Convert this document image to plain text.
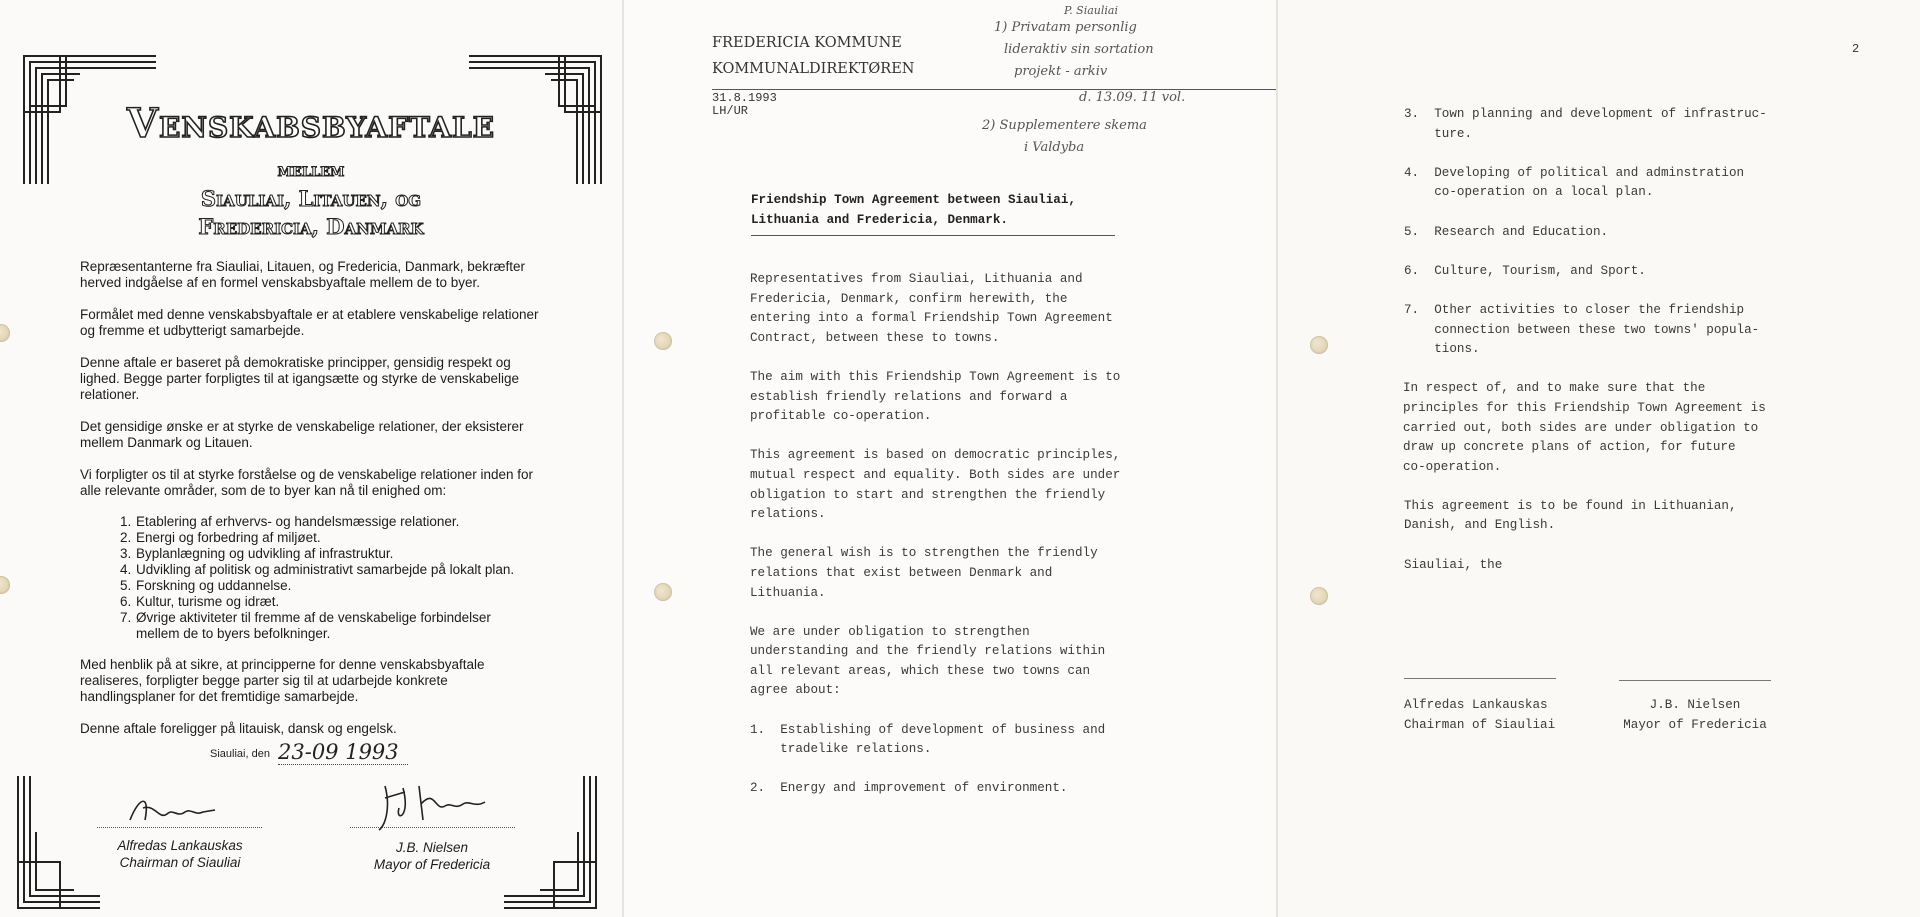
Venskabsbyaftale
mellem
Siauliai, Litauen, og
Fredericia, Danmark
Repræsentanterne fra Siauliai, Litauen, og Fredericia, Danmark, bekræfter herved indgåelse af en formel venskabsbyaftale mellem de to byer.
Formålet med denne venskabsbyaftale er at etablere venskabelige relationer og fremme et udbytterigt samarbejde.
Denne aftale er baseret på demokratiske principper, gensidig respekt og lighed. Begge parter forpligtes til at igangsætte og styrke de venskabelige relationer.
Det gensidige ønske er at styrke de venskabelige relationer, der eksisterer mellem Danmark og Litauen.
Vi forpligter os til at styrke forståelse og de venskabelige relationer inden for alle relevante områder, som de to byer kan nå til enighed om:
1. Etablering af erhvervs- og handelsmæssige relationer.
2. Energi og forbedring af miljøet.
3. Byplanlægning og udvikling af infrastruktur.
4. Udvikling af politisk og administrativt samarbejde på lokalt plan.
5. Forskning og uddannelse.
6. Kultur, turisme og idræt.
7. Øvrige aktiviteter til fremme af de venskabelige forbindelser
mellem de to byers befolkninger.
Med henblik på at sikre, at principperne for denne venskabsbyaftale realiseres, forpligter begge parter sig til at udarbejde konkrete handlingsplaner for det fremtidige samarbejde.
Denne aftale foreligger på litauisk, dansk og engelsk.
Siauliai, den 23-09 1993
Alfredas Lankauskas
Chairman of Siauliai
J.B. Nielsen
Mayor of Fredericia
FREDERICIA KOMMUNE
KOMMUNALDIREKTØREN
31.8.1993
LH/UR
P. Siauliai
1) Privatam personlig
lideraktiv sin sortation
projekt - arkiv
d. 13.09. 11 vol.
2) Supplementere skema
i Valdyba
Friendship Town Agreement between Siauliai,
Lithuania and Fredericia, Denmark.

Representatives from Siauliai, Lithuania and
Fredericia, Denmark, confirm herewith, the
entering into a formal Friendship Town Agreement
Contract, between these to towns.

The aim with this Friendship Town Agreement is to
establish friendly relations and forward a
profitable co-operation.

This agreement is based on democratic principles,
mutual respect and equality. Both sides are under
obligation to start and strengthen the friendly
relations.

The general wish is to strengthen the friendly
relations that exist between Denmark and
Lithuania.

We are under obligation to strengthen
understanding and the friendly relations within
all relevant areas, which these two towns can
agree about:

1. Establishing of development of business and
tradelike relations.

2. Energy and improvement of environment.

2

3. Town planning and development of infrastruc-
ture.

4. Developing of political and adminstration
co-operation on a local plan.

5. Research and Education.

6. Culture, Tourism, and Sport.

7. Other activities to closer the friendship
connection between these two towns' popula-
tions.

In respect of, and to make sure that the
principles for this Friendship Town Agreement is
carried out, both sides are under obligation to
draw up concrete plans of action, for future
co-operation.

This agreement is to be found in Lithuanian,
Danish, and English.

Siauliai, the

Alfredas Lankauskas
Chairman of Siauliai
J.B. Nielsen
Mayor of Fredericia
